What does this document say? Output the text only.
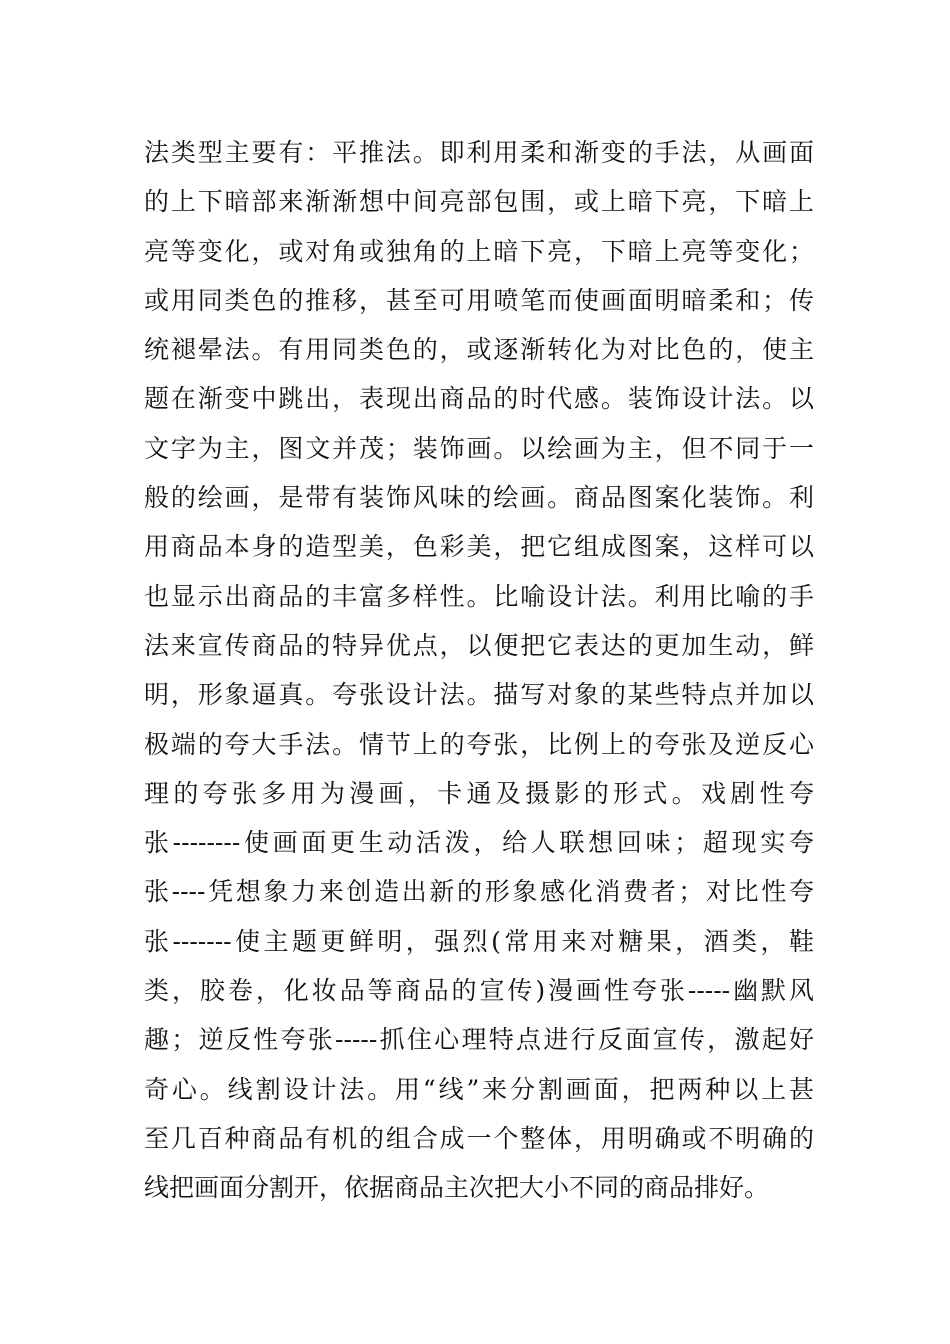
法类型主要有：平推法。即利用柔和渐变的手法，从画面
的上下暗部来渐渐想中间亮部包围，或上暗下亮，下暗上
亮等变化，或对角或独角的上暗下亮，下暗上亮等变化；
或用同类色的推移，甚至可用喷笔而使画面明暗柔和；传
统褪晕法。有用同类色的，或逐渐转化为对比色的，使主
题在渐变中跳出，表现出商品的时代感。装饰设计法。以
文字为主，图文并茂；装饰画。以绘画为主，但不同于一
般的绘画，是带有装饰风味的绘画。商品图案化装饰。利
用商品本身的造型美，色彩美，把它组成图案，这样可以
也显示出商品的丰富多样性。比喻设计法。利用比喻的手
法来宣传商品的特异优点，以便把它表达的更加生动，鲜
明，形象逼真。夸张设计法。描写对象的某些特点并加以
极端的夸大手法。情节上的夸张，比例上的夸张及逆反心
理的夸张多用为漫画，卡通及摄影的形式。戏剧性夸
张--------使画面更生动活泼，给人联想回味；超现实夸
张----凭想象力来创造出新的形象感化消费者；对比性夸
张-------使主题更鲜明，强烈(常用来对糖果，酒类，鞋
类，胶卷，化妆品等商品的宣传)漫画性夸张-----幽默风
趣；逆反性夸张-----抓住心理特点进行反面宣传，激起好
奇心。线割设计法。用“线”来分割画面，把两种以上甚
至几百种商品有机的组合成一个整体，用明确或不明确的
线把画面分割开，依据商品主次把大小不同的商品排好。
